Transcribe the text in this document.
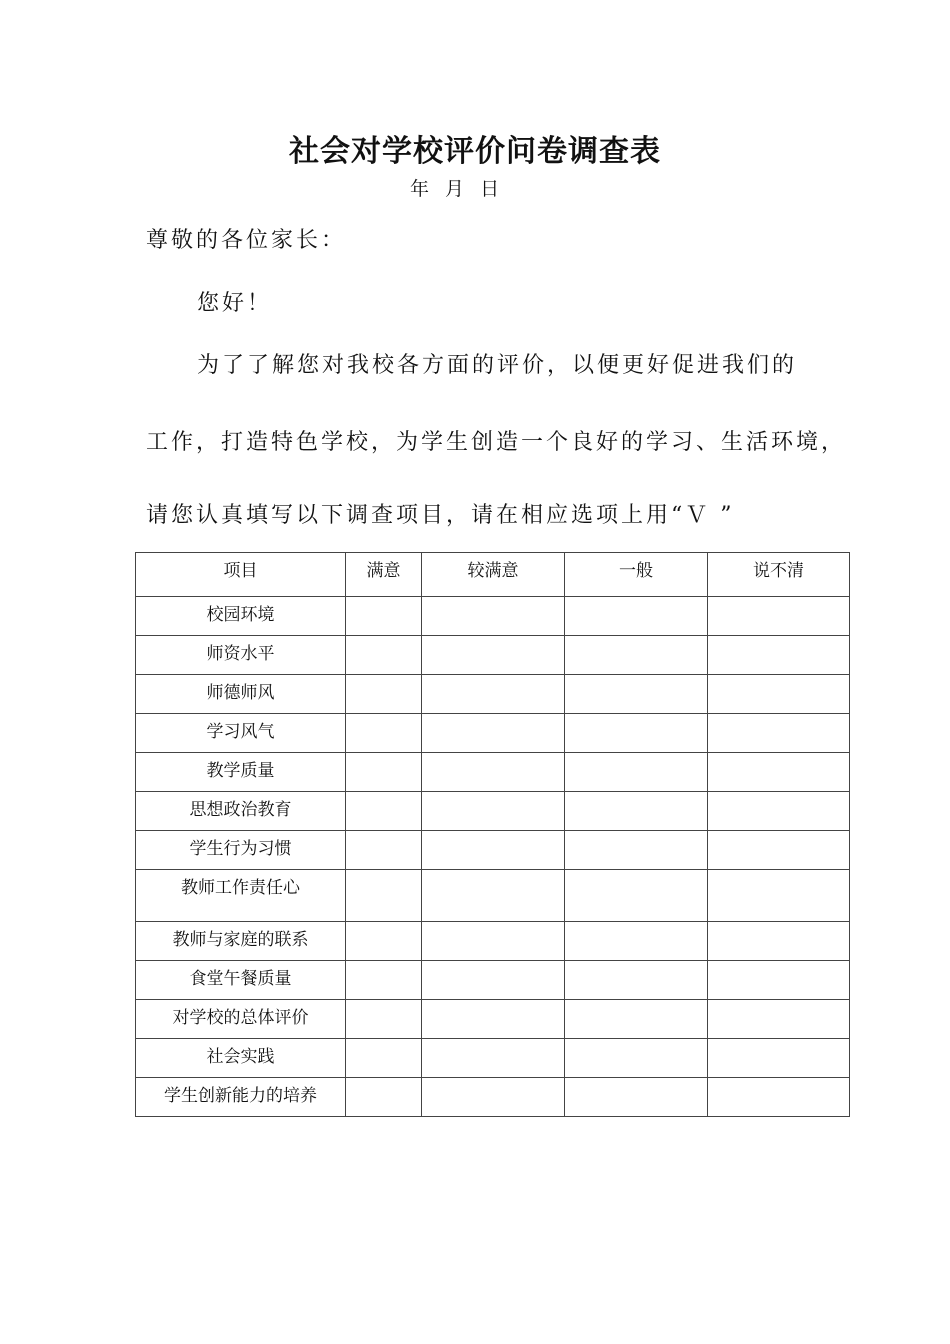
社会对学校评价问卷调查表
年 月 日
尊敬的各位家长：
您好！
为了了解您对我校各方面的评价，以便更好促进我们的
工作，打造特色学校，为学生创造一个良好的学习、生活环境，
请您认真填写以下调查项目，请在相应选项上用“Ｖ ”
项目	满意	较满意	一般	说不清
校园环境				
师资水平				
师德师风				
学习风气				
教学质量				
思想政治教育				
学生行为习惯				
教师工作责任心				
教师与家庭的联系				
食堂午餐质量				
对学校的总体评价				
社会实践				
学生创新能力的培养				
